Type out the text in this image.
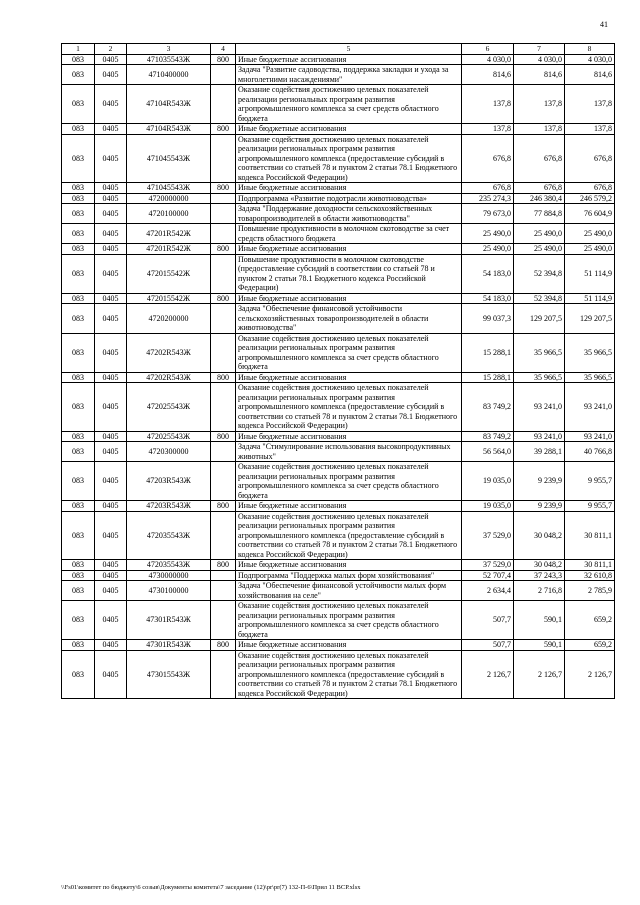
41
1	2	3	4	5	6	7	8
083	0405	471035543Ж	800	Иные бюджетные ассигнования	4 030,0	4 030,0	4 030,0
083	0405	4710400000		Задача "Развитие садоводства, поддержка закладки и ухода за многолетними насаждениями"	814,6	814,6	814,6
083	0405	47104R543Ж		Оказание содействия достижению целевых показателей реализации региональных программ развития агропромышленного комплекса за счет средств областного бюджета	137,8	137,8	137,8
083	0405	47104R543Ж	800	Иные бюджетные ассигнования	137,8	137,8	137,8
083	0405	471045543Ж		Оказание содействия достижению целевых показателей реализации региональных программ развития агропромышленного комплекса (предоставление субсидий в соответствии со статьей 78 и пунктом 2 статьи 78.1 Бюджетного кодекса Российской Федерации)	676,8	676,8	676,8
083	0405	471045543Ж	800	Иные бюджетные ассигнования	676,8	676,8	676,8
083	0405	4720000000		Подпрограмма «Развитие подотрасли животноводства»	235 274,3	246 380,4	246 579,2
083	0405	4720100000		Задача "Поддержание доходности сельскохозяйственных товаропроизводителей в области животноводства"	79 673,0	77 884,8	76 604,9
083	0405	47201R542Ж		Повышение продуктивности в молочном скотоводстве за счет средств областного бюджета	25 490,0	25 490,0	25 490,0
083	0405	47201R542Ж	800	Иные бюджетные ассигнования	25 490,0	25 490,0	25 490,0
083	0405	472015542Ж		Повышение продуктивности в молочном скотоводстве (предоставление субсидий в соответствии со статьей 78 и пунктом 2 статьи 78.1 Бюджетного кодекса Российской Федерации)	54 183,0	52 394,8	51 114,9
083	0405	472015542Ж	800	Иные бюджетные ассигнования	54 183,0	52 394,8	51 114,9
083	0405	4720200000		Задача "Обеспечение финансовой устойчивости сельскохозяйственных товаропроизводителей в области животноводства"	99 037,3	129 207,5	129 207,5
083	0405	47202R543Ж		Оказание содействия достижению целевых показателей реализации региональных программ развития агропромышленного комплекса за счет средств областного бюджета	15 288,1	35 966,5	35 966,5
083	0405	47202R543Ж	800	Иные бюджетные ассигнования	15 288,1	35 966,5	35 966,5
083	0405	472025543Ж		Оказание содействия достижению целевых показателей реализации региональных программ развития агропромышленного комплекса (предоставление субсидий в соответствии со статьей 78 и пунктом 2 статьи 78.1 Бюджетного кодекса Российской Федерации)	83 749,2	93 241,0	93 241,0
083	0405	472025543Ж	800	Иные бюджетные ассигнования	83 749,2	93 241,0	93 241,0
083	0405	4720300000		Задача "Стимулирование использования высокопродуктивных животных"	56 564,0	39 288,1	40 766,8
083	0405	47203R543Ж		Оказание содействия достижению целевых показателей реализации региональных программ развития агропромышленного комплекса за счет средств областного бюджета	19 035,0	9 239,9	9 955,7
083	0405	47203R543Ж	800	Иные бюджетные ассигнования	19 035,0	9 239,9	9 955,7
083	0405	472035543Ж		Оказание содействия достижению целевых показателей реализации региональных программ развития агропромышленного комплекса (предоставление субсидий в соответствии со статьей 78 и пунктом 2 статьи 78.1 Бюджетного кодекса Российской Федерации)	37 529,0	30 048,2	30 811,1
083	0405	472035543Ж	800	Иные бюджетные ассигнования	37 529,0	30 048,2	30 811,1
083	0405	4730000000		Подпрограмма "Поддержка малых форм хозяйствования"	52 707,4	37 243,3	32 610,8
083	0405	4730100000		Задача "Обеспечение финансовой устойчивости малых форм хозяйствования на селе"	2 634,4	2 716,8	2 785,9
083	0405	47301R543Ж		Оказание содействия достижению целевых показателей реализации региональных программ развития агропромышленного комплекса за счет средств областного бюджета	507,7	590,1	659,2
083	0405	47301R543Ж	800	Иные бюджетные ассигнования	507,7	590,1	659,2
083	0405	473015543Ж		Оказание содействия достижению целевых показателей реализации региональных программ развития агропромышленного комплекса (предоставление субсидий в соответствии со статьей 78 и пунктом 2 статьи 78.1 Бюджетного кодекса Российской Федерации)	2 126,7	2 126,7	2 126,7
\\Fs01\комитет по бюджету\6 созыв\Документы комитета\7 заседание (12)\pr\pr(7) 132-П-6\Прил 11 ВСР.xlsx
